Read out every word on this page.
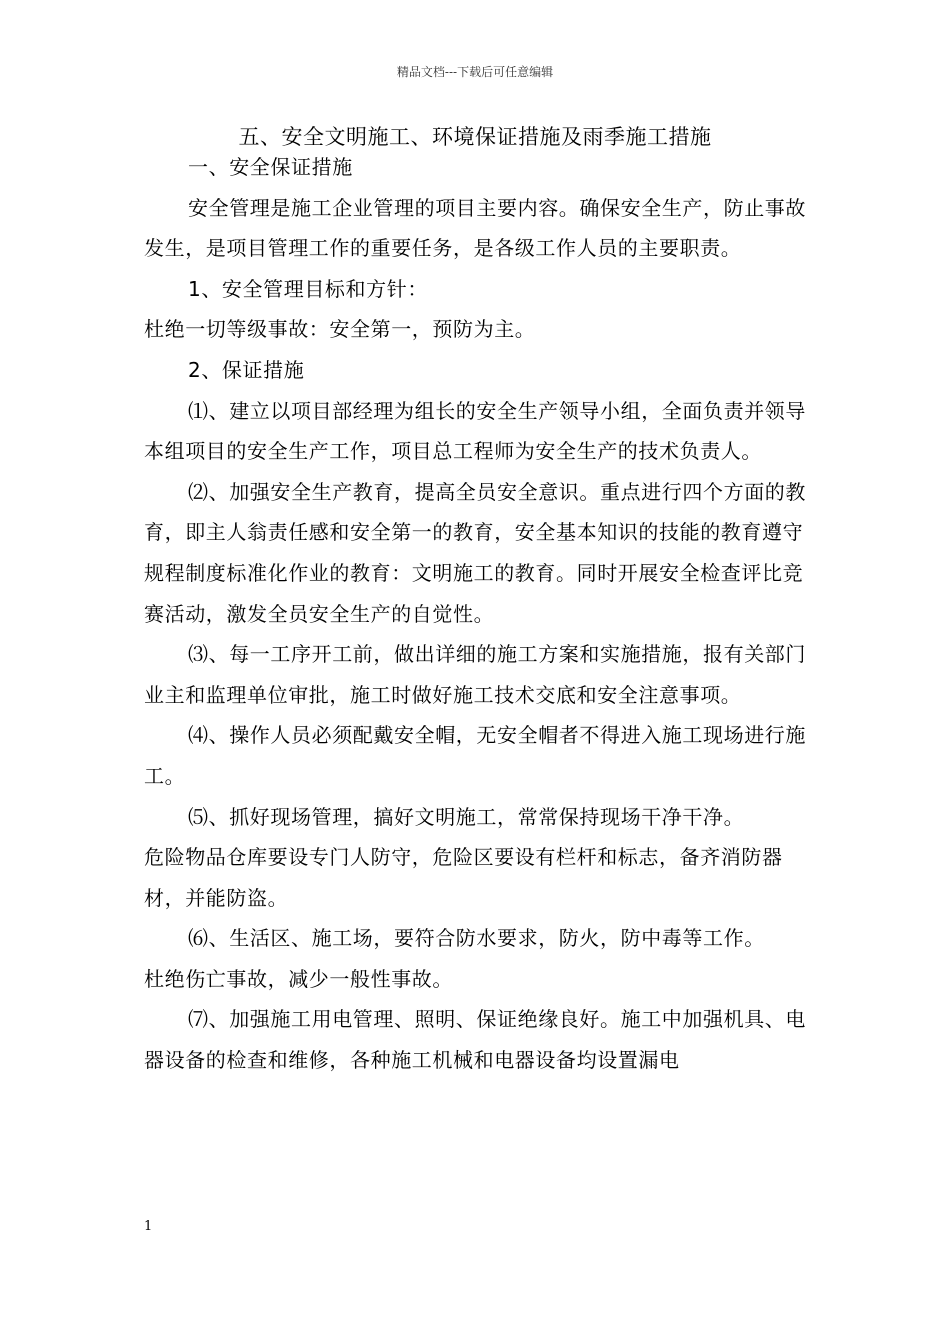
精品文档---下载后可任意编辑
五、安全文明施工、环境保证措施及雨季施工措施

一、安全保证措施

安全管理是施工企业管理的项目主要内容。确保安全生产，防止事故发生，是项目管理工作的重要任务，是各级工作人员的主要职责。

1、安全管理目标和方针：

杜绝一切等级事故：安全第一，预防为主。

2、保证措施

⑴、建立以项目部经理为组长的安全生产领导小组，全面负责并领导本组项目的安全生产工作，项目总工程师为安全生产的技术负责人。

⑵、加强安全生产教育，提高全员安全意识。重点进行四个方面的教育，即主人翁责任感和安全第一的教育，安全基本知识的技能的教育遵守规程制度标准化作业的教育：文明施工的教育。同时开展安全检查评比竞赛活动，激发全员安全生产的自觉性。

⑶、每一工序开工前，做出详细的施工方案和实施措施，报有关部门业主和监理单位审批，施工时做好施工技术交底和安全注意事项。

⑷、操作人员必须配戴安全帽，无安全帽者不得进入施工现场进行施工。

⑸、抓好现场管理，搞好文明施工，常常保持现场干净干净。

危险物品仓库要设专门人防守，危险区要设有栏杆和标志，备齐消防器材，并能防盗。

⑹、生活区、施工场，要符合防水要求，防火，防中毒等工作。

杜绝伤亡事故，减少一般性事故。

⑺、加强施工用电管理、照明、保证绝缘良好。施工中加强机具、电器设备的检查和维修，各种施工机械和电器设备均设置漏电

1
